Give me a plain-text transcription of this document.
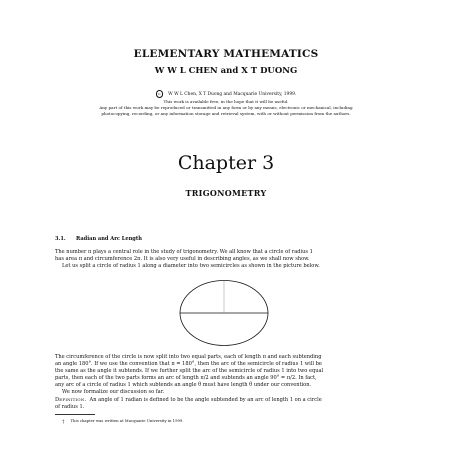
ELEMENTARY MATHEMATICS

W W L CHEN and X T DUONG

c W W L Chen, X T Duong and Macquarie University, 1999.

This work is available free, in the hope that it will be useful.

Any part of this work may be reproduced or transmitted in any form or by any means, electronic or mechanical, including

photocopying, recording, or any information storage and retrieval system, with or without permission from the authors.

Chapter 3
TRIGONOMETRY

3.1. Radian and Arc Length

The number π plays a central role in the study of trigonometry. We all know that a circle of radius 1

has area π and circumference 2π. It is also very useful in describing angles, as we shall now show.

Let us split a circle of radius 1 along a diameter into two semicircles as shown in the picture below.

The circumference of the circle is now split into two equal parts, each of length π and each subtending

an angle 180°. If we use the convention that π = 180°, then the arc of the semicircle of radius 1 will be

the same as the angle it subtends. If we further split the arc of the semicircle of radius 1 into two equal

parts, then each of the two parts forms an arc of length π/2 and subtends an angle 90° = π/2. In fact,

any arc of a circle of radius 1 which subtends an angle θ must have length θ under our convention.

We now formalize our discussion so far.

Definition. An angle of 1 radian is defined to be the angle subtended by an arc of length 1 on a circle

of radius 1.

† This chapter was written at Macquarie University in 1999.
